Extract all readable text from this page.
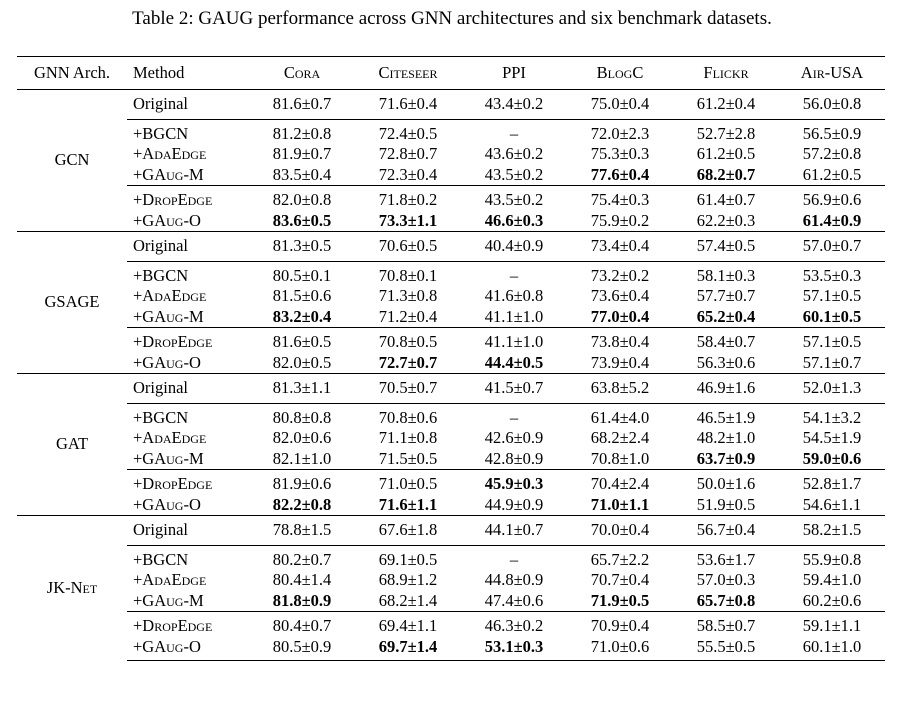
Table 2: GAUG performance across GNN architectures and six benchmark datasets.
GNN Arch.	Method	Cora	Citeseer	PPI	BlogC	Flickr	Air-USA
GCN	Original	81.6±0.7	71.6±0.4	43.4±0.2	75.0±0.4	61.2±0.4	56.0±0.8
	+BGCN	81.2±0.8	72.4±0.5	–	72.0±2.3	52.7±2.8	56.5±0.9
	+AdaEdge	81.9±0.7	72.8±0.7	43.6±0.2	75.3±0.3	61.2±0.5	57.2±0.8
	+GAug-M	83.5±0.4	72.3±0.4	43.5±0.2	77.6±0.4	68.2±0.7	61.2±0.5
	+DropEdge	82.0±0.8	71.8±0.2	43.5±0.2	75.4±0.3	61.4±0.7	56.9±0.6
	+GAug-O	83.6±0.5	73.3±1.1	46.6±0.3	75.9±0.2	62.2±0.3	61.4±0.9
GSAGE	Original	81.3±0.5	70.6±0.5	40.4±0.9	73.4±0.4	57.4±0.5	57.0±0.7
	+BGCN	80.5±0.1	70.8±0.1	–	73.2±0.2	58.1±0.3	53.5±0.3
	+AdaEdge	81.5±0.6	71.3±0.8	41.6±0.8	73.6±0.4	57.7±0.7	57.1±0.5
	+GAug-M	83.2±0.4	71.2±0.4	41.1±1.0	77.0±0.4	65.2±0.4	60.1±0.5
	+DropEdge	81.6±0.5	70.8±0.5	41.1±1.0	73.8±0.4	58.4±0.7	57.1±0.5
	+GAug-O	82.0±0.5	72.7±0.7	44.4±0.5	73.9±0.4	56.3±0.6	57.1±0.7
GAT	Original	81.3±1.1	70.5±0.7	41.5±0.7	63.8±5.2	46.9±1.6	52.0±1.3
	+BGCN	80.8±0.8	70.8±0.6	–	61.4±4.0	46.5±1.9	54.1±3.2
	+AdaEdge	82.0±0.6	71.1±0.8	42.6±0.9	68.2±2.4	48.2±1.0	54.5±1.9
	+GAug-M	82.1±1.0	71.5±0.5	42.8±0.9	70.8±1.0	63.7±0.9	59.0±0.6
	+DropEdge	81.9±0.6	71.0±0.5	45.9±0.3	70.4±2.4	50.0±1.6	52.8±1.7
	+GAug-O	82.2±0.8	71.6±1.1	44.9±0.9	71.0±1.1	51.9±0.5	54.6±1.1
JK-Net	Original	78.8±1.5	67.6±1.8	44.1±0.7	70.0±0.4	56.7±0.4	58.2±1.5
	+BGCN	80.2±0.7	69.1±0.5	–	65.7±2.2	53.6±1.7	55.9±0.8
	+AdaEdge	80.4±1.4	68.9±1.2	44.8±0.9	70.7±0.4	57.0±0.3	59.4±1.0
	+GAug-M	81.8±0.9	68.2±1.4	47.4±0.6	71.9±0.5	65.7±0.8	60.2±0.6
	+DropEdge	80.4±0.7	69.4±1.1	46.3±0.2	70.9±0.4	58.5±0.7	59.1±1.1
	+GAug-O	80.5±0.9	69.7±1.4	53.1±0.3	71.0±0.6	55.5±0.5	60.1±1.0
